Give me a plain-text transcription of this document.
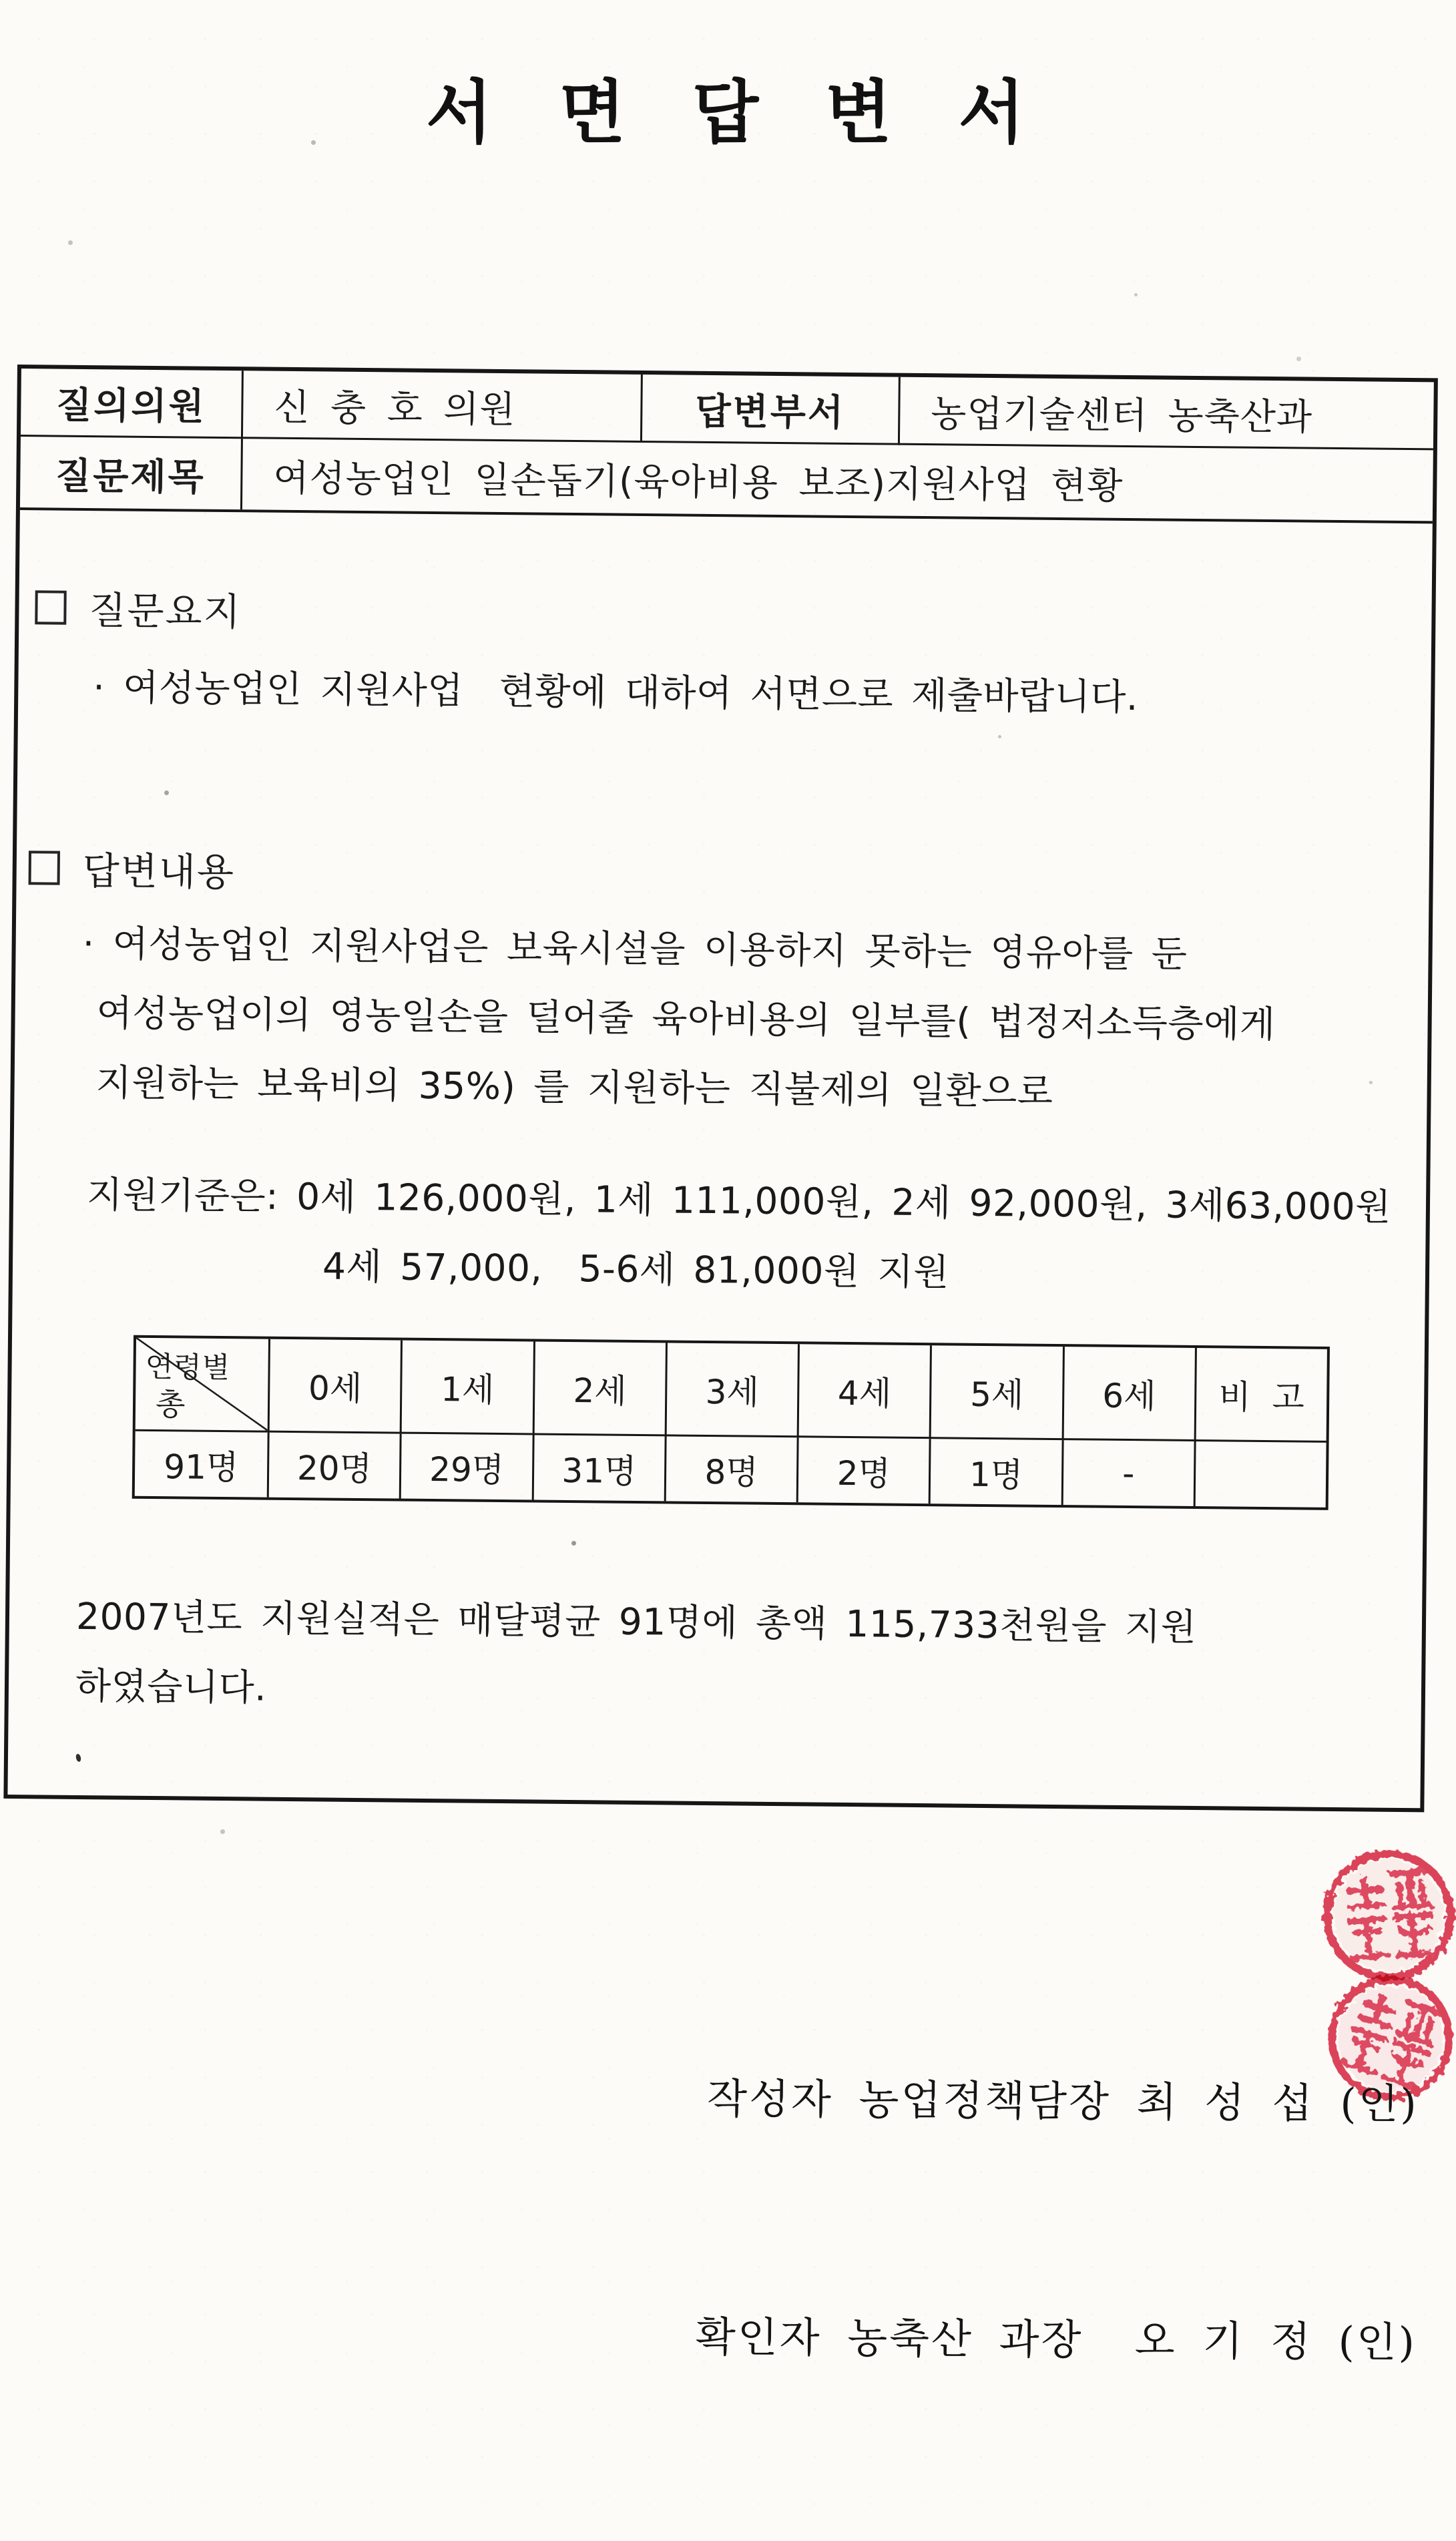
서 면 답 변 서
질의의원	신 충 호 의원	답변부서	농업기술센터 농축산과
질문제목	여성농업인 일손돕기(육아비용 보조)지원사업 현황
질문요지
· 여성농업인 지원사업  현황에 대하여 서면으로 제출바랍니다.
답변내용
· 여성농업인 지원사업은 보육시설을 이용하지 못하는 영유아를 둔
여성농업이의 영농일손을 덜어줄 육아비용의 일부를( 법정저소득층에게
지원하는 보육비의 35%) 를 지원하는 직불제의 일환으로
지원기준은: 0세 126,000원, 1세 111,000원, 2세 92,000원, 3세63,000원
4세 57,000,  5-6세 81,000원 지원
연령별
총	0세	1세	2세	3세	4세	5세	6세	비  고
91명	20명	29명	31명	8명	2명	1명	-
2007년도 지원실적은 매달평균 91명에 총액 115,733천원을 지원
하였습니다.

작성자 농업정책담장 최 성 섭 (인)

확인자 농축산 과장  오 기 정 (인)
